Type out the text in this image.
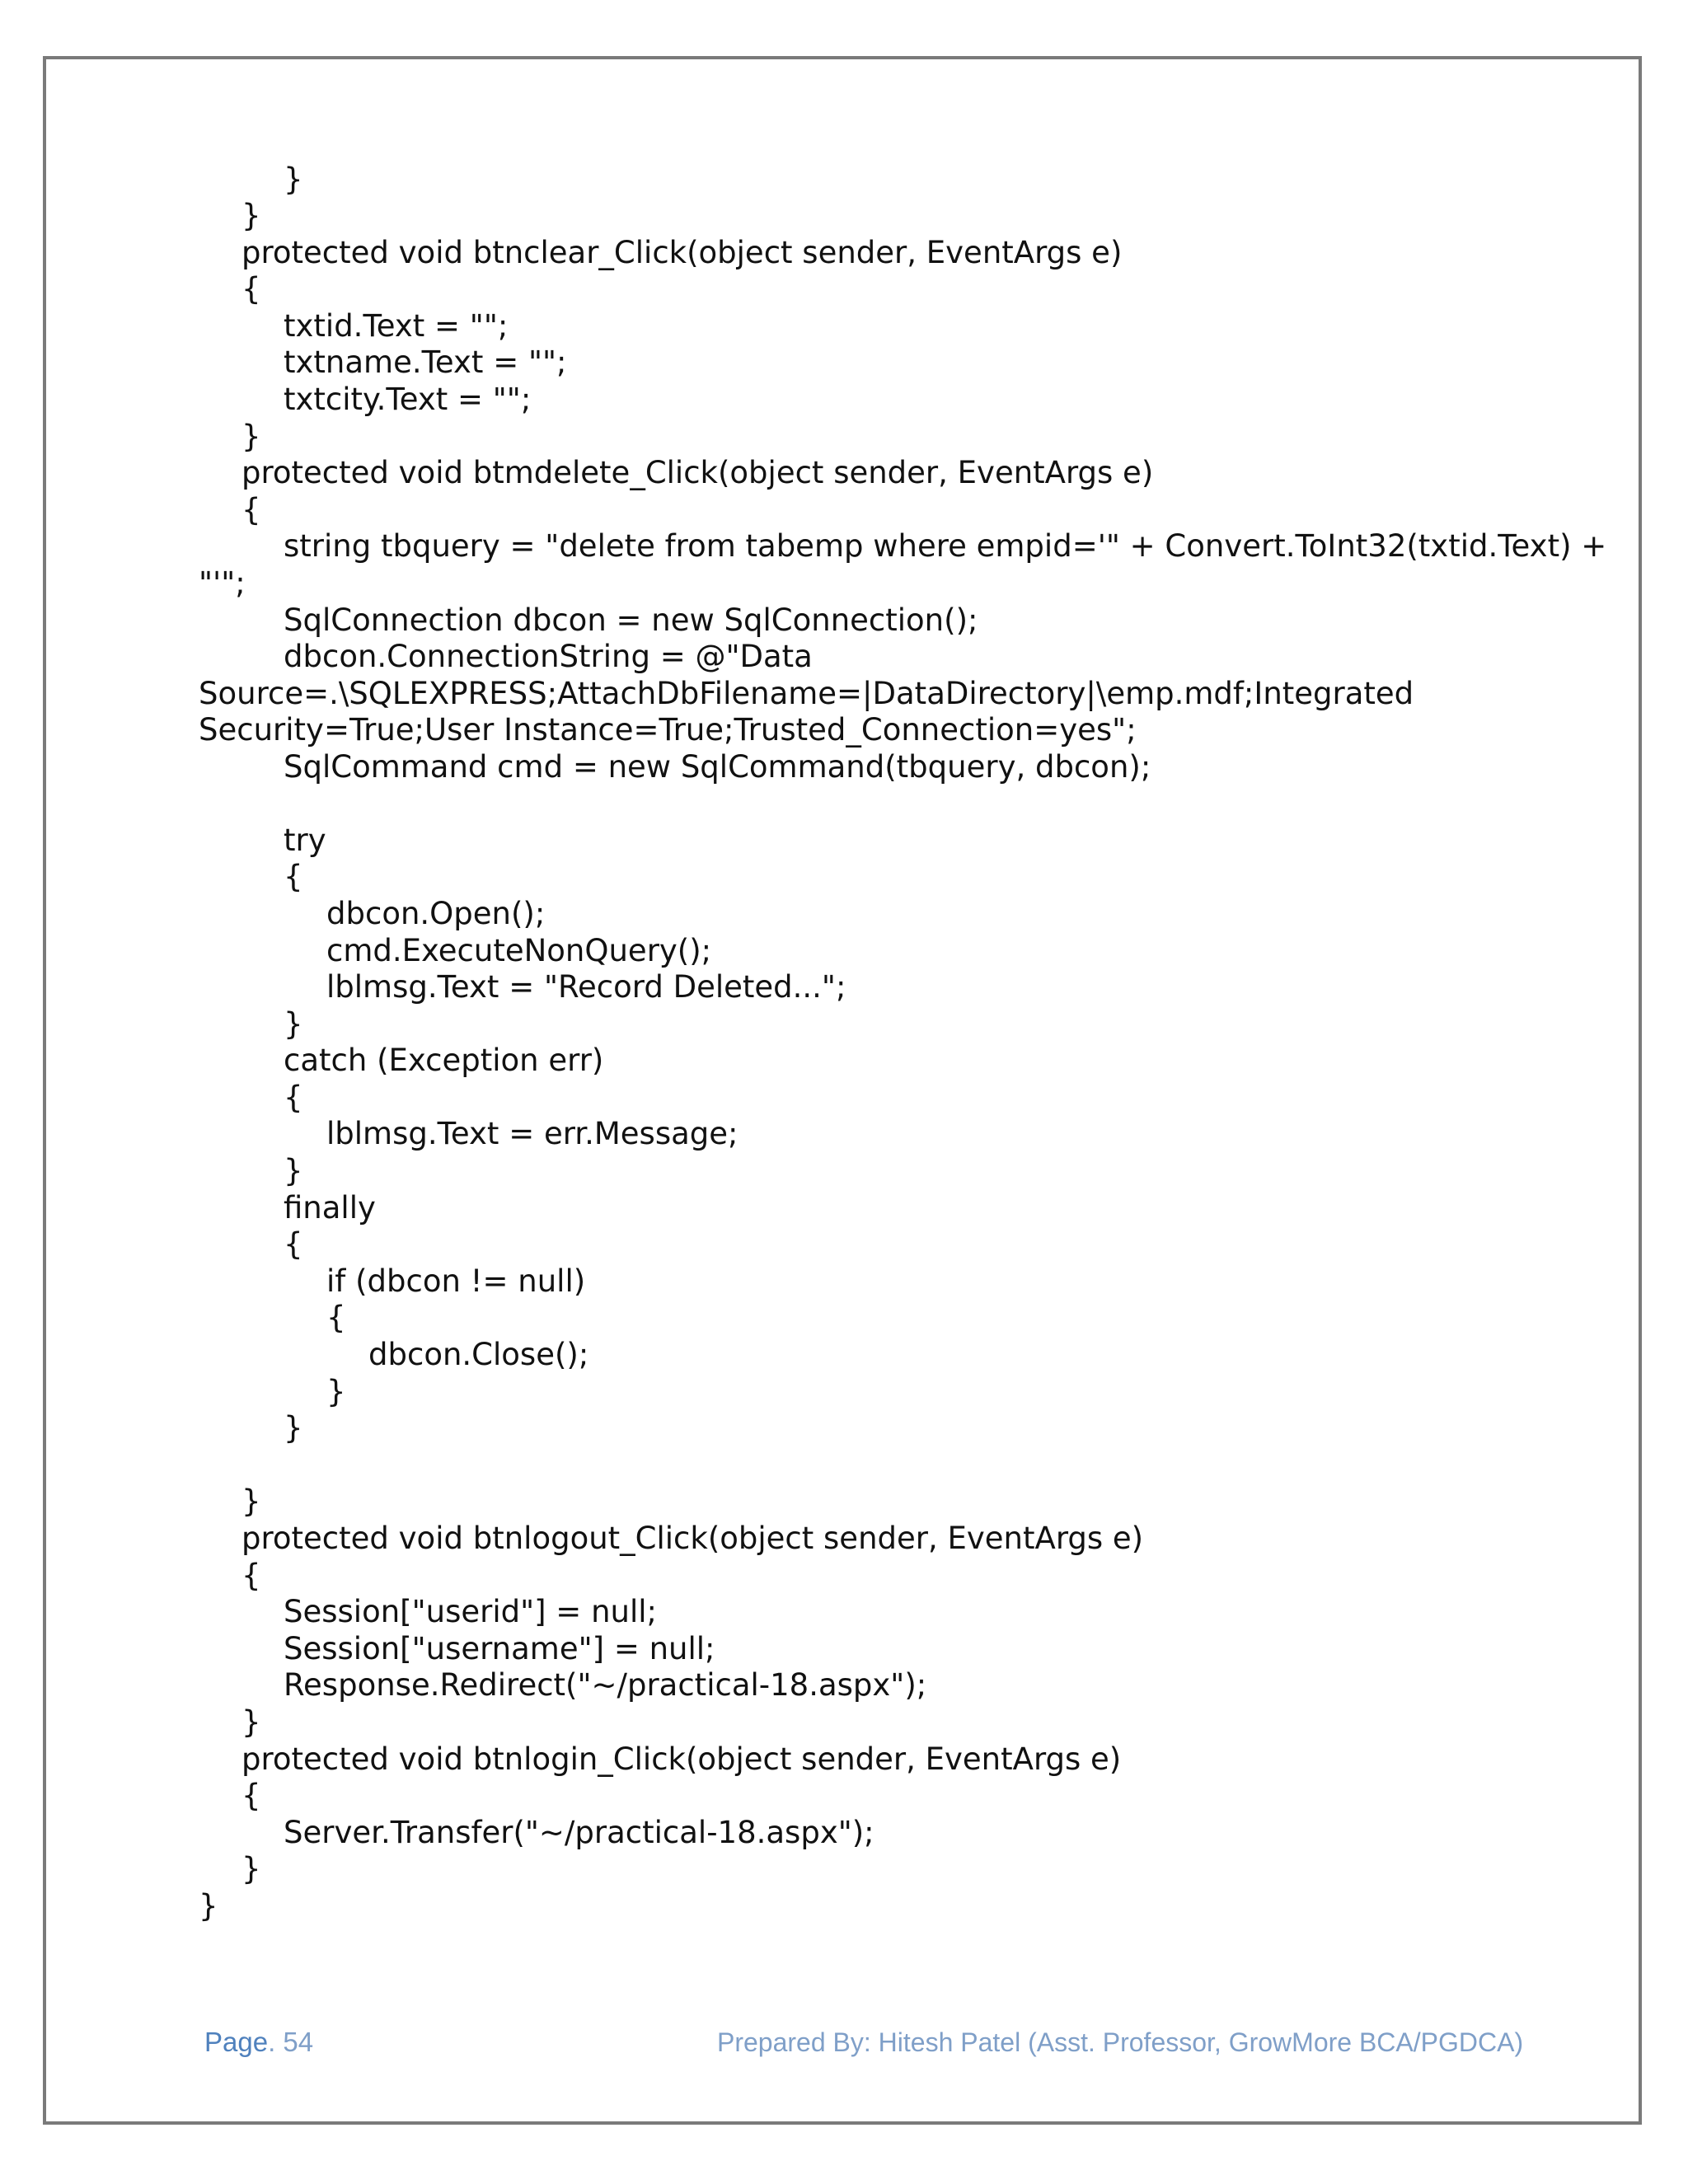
}
}
protected void btnclear_Click(object sender, EventArgs e)
{
txtid.Text = "";
txtname.Text = "";
txtcity.Text = "";
}
protected void btmdelete_Click(object sender, EventArgs e)
{
string tbquery = "delete from tabemp where empid='" + Convert.ToInt32(txtid.Text) +
"'";
SqlConnection dbcon = new SqlConnection();
dbcon.ConnectionString = @"Data
Source=.\SQLEXPRESS;AttachDbFilename=|DataDirectory|\emp.mdf;Integrated
Security=True;User Instance=True;Trusted_Connection=yes";
SqlCommand cmd = new SqlCommand(tbquery, dbcon);
try
{
dbcon.Open();
cmd.ExecuteNonQuery();
lblmsg.Text = "Record Deleted...";
}
catch (Exception err)
{
lblmsg.Text = err.Message;
}
finally
{
if (dbcon != null)
{
dbcon.Close();
}
}
}
protected void btnlogout_Click(object sender, EventArgs e)
{
Session["userid"] = null;
Session["username"] = null;
Response.Redirect("~/practical-18.aspx");
}
protected void btnlogin_Click(object sender, EventArgs e)
{
Server.Transfer("~/practical-18.aspx");
}
}
Page. 54	Prepared By: Hitesh Patel (Asst. Professor, GrowMore BCA/PGDCA)
